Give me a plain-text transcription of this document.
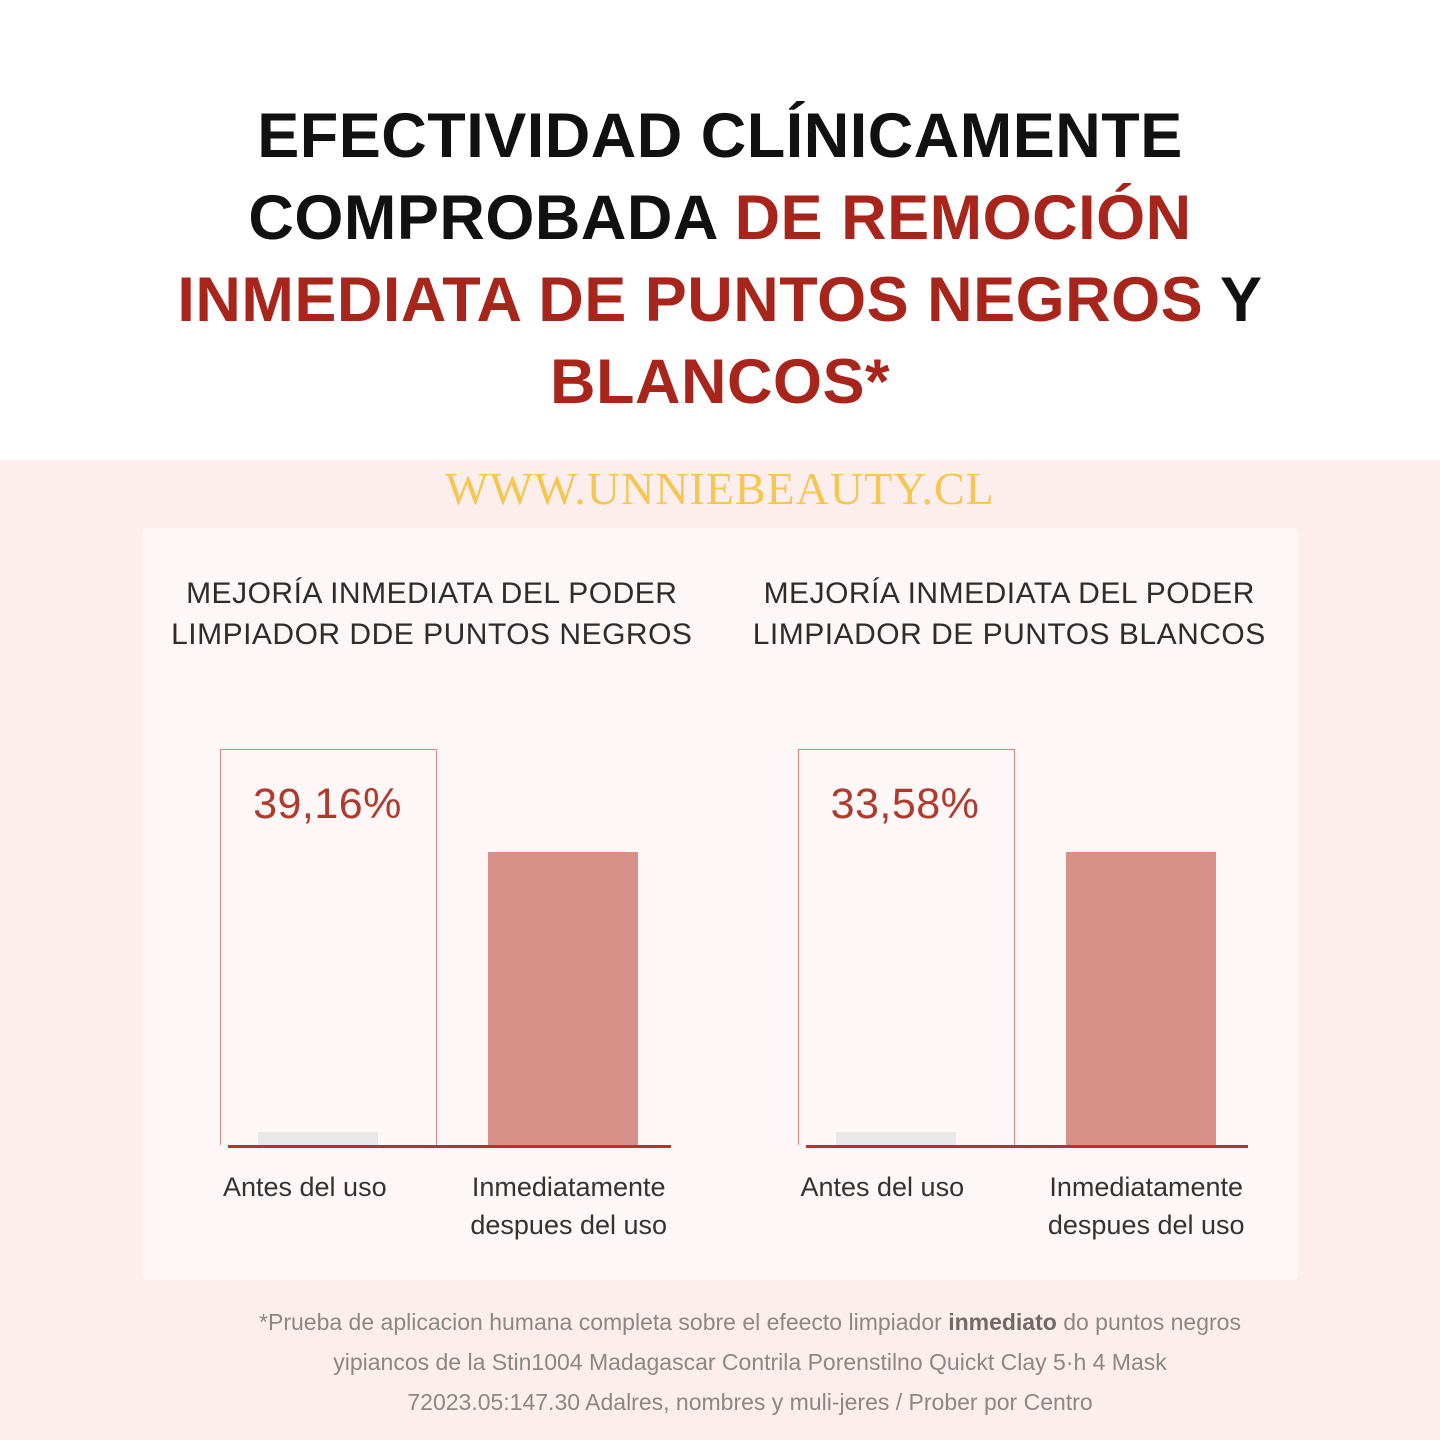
EFECTIVIDAD CLÍNICAMENTE
COMPROBADA DE REMOCIÓN
INMEDIATA DE PUNTOS NEGROS Y
BLANCOS*
WWW.UNNIEBEAUTY.CL
MEJORÍA INMEDIATA DEL PODER LIMPIADOR DDE PUNTOS NEGROS
39,16%
Antes del uso	Inmediatamente despues del uso
MEJORÍA INMEDIATA DEL PODER LIMPIADOR DE PUNTOS BLANCOS
33,58%
Antes del uso	Inmediatamente despues del uso
*Prueba de aplicacion humana completa sobre el efeecto limpiador inmediato do puntos negros yipiancos de la Stin1004 Madagascar Contrila Porenstilno Quickt Clay 5·h 4 Mask 72023.05:147.30 Adalres, nombres y muli-jeres / Prober por Centro
